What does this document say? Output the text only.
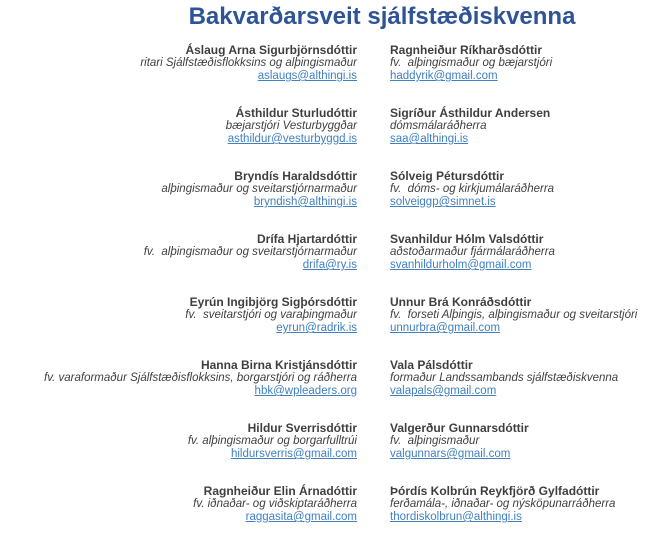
Bakvarðarsveit sjálfstæðiskvenna
Áslaug Arna Sigurbjörnsdóttir
ritari Sjálfstæðisflokksins og alþingismaður
aslaugs@althingi.is
Ragnheiður Ríkharðsdóttir
fv.  alþingismaður og bæjarstjóri
haddyrik@gmail.com
Ásthildur Sturludóttir
bæjarstjóri Vesturbyggðar
asthildur@vesturbyggd.is
Sigríður Ásthildur Andersen
dómsmálaráðherra
saa@althingi.is
Bryndís Haraldsdóttir
alþingismaður og sveitarstjórnarmaður
bryndish@althingi.is
Sólveig Pétursdóttir
fv.  dóms- og kirkjumálaráðherra
solveiggp@simnet.is
Drífa Hjartardóttir
fv.  alþingismaður og sveitarstjórnarmaður
drifa@ry.is
Svanhildur Hólm Valsdóttir
aðstoðarmaður fjármálaráðherra
svanhildurholm@gmail.com
Eyrún Ingibjörg Sigþórsdóttir
fv.  sveitarstjóri og varaþingmaður
eyrun@radrik.is
Unnur Brá Konráðsdóttir
fv.  forseti Alþingis, alþingismaður og sveitarstjóri
unnurbra@gmail.com
Hanna Birna Kristjánsdóttir
fv. varaformaður Sjálfstæðisflokksins, borgarstjóri og ráðherra
hbk@wpleaders.org
Vala Pálsdóttir
formaður Landssambands sjálfstæðiskvenna
valapals@gmail.com
Hildur Sverrisdóttir
fv. alþingismaður og borgarfulltrúi
hildursverris@gmail.com
Valgerður Gunnarsdóttir
fv.  alþingismaður
valgunnars@gmail.com
Ragnheiður Elin Árnadóttir
fv. iðnaðar- og viðskiptaráðherra
raggasita@gmail.com
Þórdís Kolbrún Reykfjörð Gylfadóttir
ferðamála-, iðnaðar- og nýsköpunarráðherra
thordiskolbrun@althingi.is
